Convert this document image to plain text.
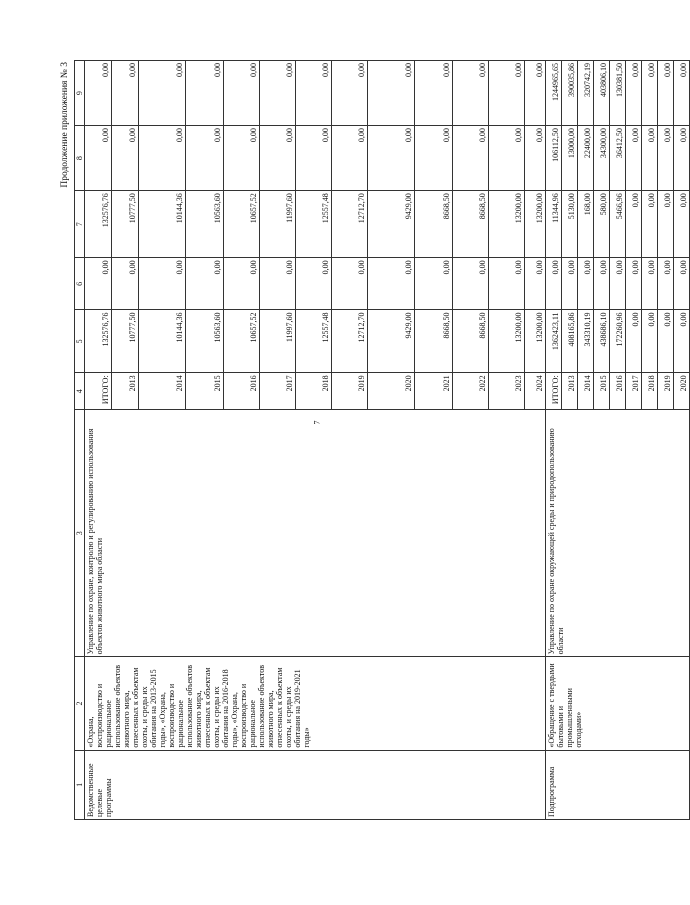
7
Продолжение приложения № 3
1	2	3	4	5	6	7	8	9
Ведомственные целевые программы	«Охрана, воспроизводство и рациональное использование объектов животного мира, отнесенных к объектам охоты, и среды их обитания на 2013-2015 годы», «Охрана, воспроизводство и рациональное использование объектов животного мира, отнесенных к объектам охоты, и среды их обитания на 2016-2018 годы», «Охрана, воспроизводство и рациональное использование объектов животного мира, отнесенных к объектам охоты, и среды их обитания на 2019-2021 годы»	Управление по охране, контролю и регулированию использования объектов животного мира области	ИТОГО:	132576,76	0,00	132576,76	0,00	0,00
			2013	10777,50	0,00	10777,50	0,00	0,00
			2014	10144,36	0,00	10144,36	0,00	0,00
			2015	10563,60	0,00	10563,60	0,00	0,00
			2016	10657,52	0,00	10657,52	0,00	0,00
			2017	11997,60	0,00	11997,60	0,00	0,00
			2018	12557,48	0,00	12557,48	0,00	0,00
			2019	12712,70	0,00	12712,70	0,00	0,00
			2020	9429,00	0,00	9429,00	0,00	0,00
			2021	8668,50	0,00	8668,50	0,00	0,00
			2022	8668,50	0,00	8668,50	0,00	0,00
			2023	13200,00	0,00	13200,00	0,00	0,00
			2024	13200,00	0,00	13200,00	0,00	0,00
Подпрограмма	«Обращение с твердыми бытовыми и промышленными отходами»	Управление по охране окружающей среды и природопользованию области	ИТОГО:	1362423,11	0,00	11344,96	106112,50	1244965,65
			2013	408165,86	0,00	5130,00	13000,00	390035,86
			2014	343310,19	0,00	168,00	22400,00	320742,19
			2015	438686,10	0,00	580,00	34300,00	403806,10
			2016	172260,96	0,00	5466,96	36412,50	130381,50
			2017	0,00	0,00	0,00	0,00	0,00
			2018	0,00	0,00	0,00	0,00	0,00
			2019	0,00	0,00	0,00	0,00	0,00
			2020	0,00	0,00	0,00	0,00	0,00
